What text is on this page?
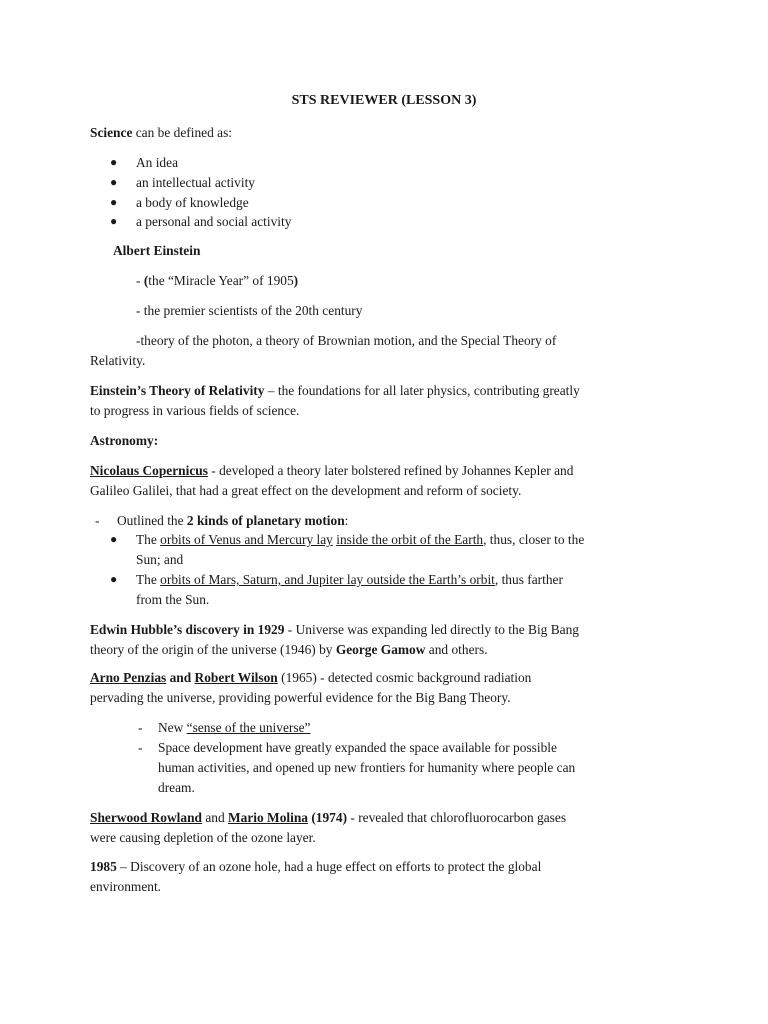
STS REVIEWER (LESSON 3)
Science can be defined as:
● An idea
● an intellectual activity
● a body of knowledge
● a personal and social activity
Albert Einstein
- (the “Miracle Year” of 1905)
- the premier scientists of the 20th century
-theory of the photon, a theory of Brownian motion, and the Special Theory of
Relativity.
Einstein’s Theory of Relativity – the foundations for all later physics, contributing greatly
to progress in various fields of science.
Astronomy:
Nicolaus Copernicus - developed a theory later bolstered refined by Johannes Kepler and
Galileo Galilei, that had a great effect on the development and reform of society.
- Outlined the 2 kinds of planetary motion:
● The orbits of Venus and Mercury lay inside the orbit of the Earth, thus, closer to the
Sun; and
● The orbits of Mars, Saturn, and Jupiter lay outside the Earth’s orbit, thus farther
from the Sun.
Edwin Hubble’s discovery in 1929 - Universe was expanding led directly to the Big Bang
theory of the origin of the universe (1946) by George Gamow and others.
Arno Penzias and Robert Wilson (1965) - detected cosmic background radiation
pervading the universe, providing powerful evidence for the Big Bang Theory.
- New “sense of the universe”
- Space development have greatly expanded the space available for possible
human activities, and opened up new frontiers for humanity where people can
dream.
Sherwood Rowland and Mario Molina (1974) - revealed that chlorofluorocarbon gases
were causing depletion of the ozone layer.
1985 – Discovery of an ozone hole, had a huge effect on efforts to protect the global
environment.
